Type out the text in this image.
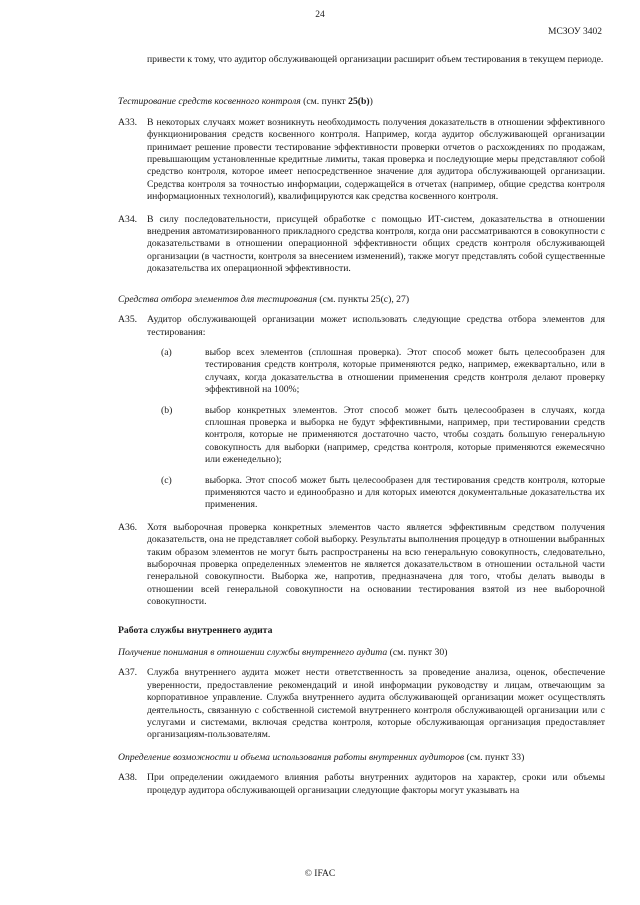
24
МСЗОУ 3402

привести к тому, что аудитор обслуживающей организации расширит объем тестирования в текущем периоде.

Тестирование средств косвенного контроля (см. пункт 25(b))

A33. В некоторых случаях может возникнуть необходимость получения доказательств в отношении эффективного функционирования средств косвенного контроля. Например, когда аудитор обслуживающей организации принимает решение провести тестирование эффективности проверки отчетов о расхождениях по продажам, превышающим установленные кредитные лимиты, такая проверка и последующие меры представляют собой средство контроля, которое имеет непосредственное значение для аудитора обслуживающей организации. Средства контроля за точностью информации, содержащейся в отчетах (например, общие средства контроля информационных технологий), квалифицируются как средства косвенного контроля.
A34. В силу последовательности, присущей обработке с помощью ИТ-систем, доказательства в отношении внедрения автоматизированного прикладного средства контроля, когда они рассматриваются в совокупности с доказательствами в отношении операционной эффективности общих средств контроля обслуживающей организации (в частности, контроля за внесением изменений), также могут представлять собой существенные доказательства их операционной эффективности.

Средства отбора элементов для тестирования (см. пункты 25(c), 27)

A35. Аудитор обслуживающей организации может использовать следующие средства отбора элементов для тестирования:
(a)	выбор всех элементов (сплошная проверка). Этот способ может быть целесообразен для тестирования средств контроля, которые применяются редко, например, ежеквартально, или в случаях, когда доказательства в отношении применения средств контроля делают проверку эффективной на 100%;
(b)	выбор конкретных элементов. Этот способ может быть целесообразен в случаях, когда сплошная проверка и выборка не будут эффективными, например, при тестировании средств контроля, которые не применяются достаточно часто, чтобы создать большую генеральную совокупность для выборки (например, средства контроля, которые применяются ежемесячно или еженедельно);
(c)	выборка. Этот способ может быть целесообразен для тестирования средств контроля, которые применяются часто и единообразно и для которых имеются документальные доказательства их применения.
A36. Хотя выборочная проверка конкретных элементов часто является эффективным средством получения доказательств, она не представляет собой выборку. Результаты выполнения процедур в отношении выбранных таким образом элементов не могут быть распространены на всю генеральную совокупность, следовательно, выборочная проверка определенных элементов не является доказательством в отношении остальной части генеральной совокупности. Выборка же, напротив, предназначена для того, чтобы делать выводы в отношении всей генеральной совокупности на основании тестирования взятой из нее выборочной совокупности.

Работа службы внутреннего аудита

Получение понимания в отношении службы внутреннего аудита (см. пункт 30)

A37. Служба внутреннего аудита может нести ответственность за проведение анализа, оценок, обеспечение уверенности, предоставление рекомендаций и иной информации руководству и лицам, отвечающим за корпоративное управление. Служба внутреннего аудита обслуживающей организации может осуществлять деятельность, связанную с собственной системой внутреннего контроля обслуживающей организации или с услугами и системами, включая средства контроля, которые обслуживающая организация предоставляет организациям-пользователям.

Определение возможности и объема использования работы внутренних аудиторов (см. пункт 33)

A38. При определении ожидаемого влияния работы внутренних аудиторов на характер, сроки или объемы процедур аудитора обслуживающей организации следующие факторы могут указывать на
© IFAC
